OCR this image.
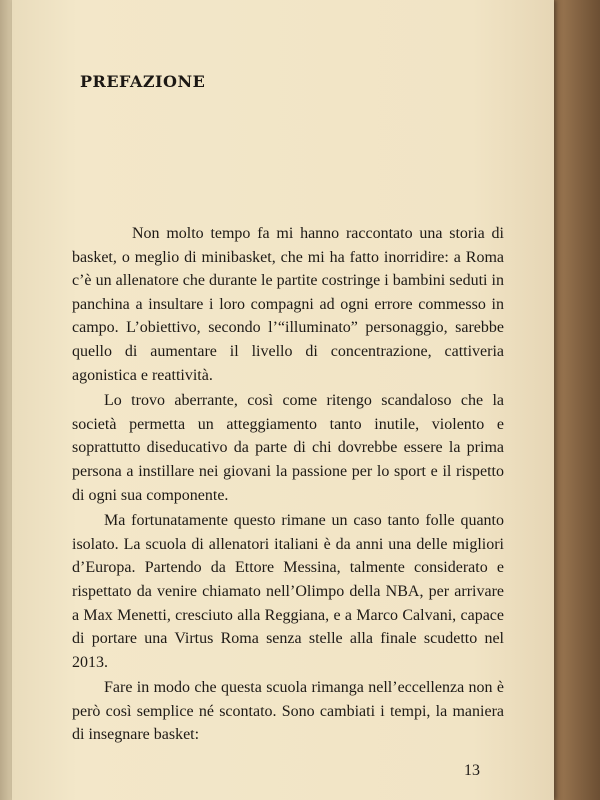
PREFAZIONE

Non molto tempo fa mi hanno raccontato una storia di basket, o meglio di minibasket, che mi ha fatto inorridire: a Roma c’è un allenatore che durante le partite costringe i bambini seduti in panchina a insultare i loro compagni ad ogni errore commesso in campo. L’obiettivo, secondo l’“illuminato” personaggio, sarebbe quello di aumentare il livello di concentrazione, cattiveria agonistica e reattività.

Lo trovo aberrante, così come ritengo scandaloso che la società permetta un atteggiamento tanto inutile, violento e soprattutto diseducativo da parte di chi dovrebbe essere la prima persona a instillare nei giovani la passione per lo sport e il rispetto di ogni sua componente.

Ma fortunatamente questo rimane un caso tanto folle quanto isolato. La scuola di allenatori italiani è da anni una delle migliori d’Europa. Partendo da Ettore Messina, talmente considerato e rispettato da venire chiamato nell’Olimpo della NBA, per arrivare a Max Menetti, cresciuto alla Reggiana, e a Marco Calvani, capace di portare una Virtus Roma senza stelle alla finale scudetto nel 2013.

Fare in modo che questa scuola rimanga nell’eccellenza non è però così semplice né scontato. Sono cambiati i tempi, la maniera di insegnare basket:

13
